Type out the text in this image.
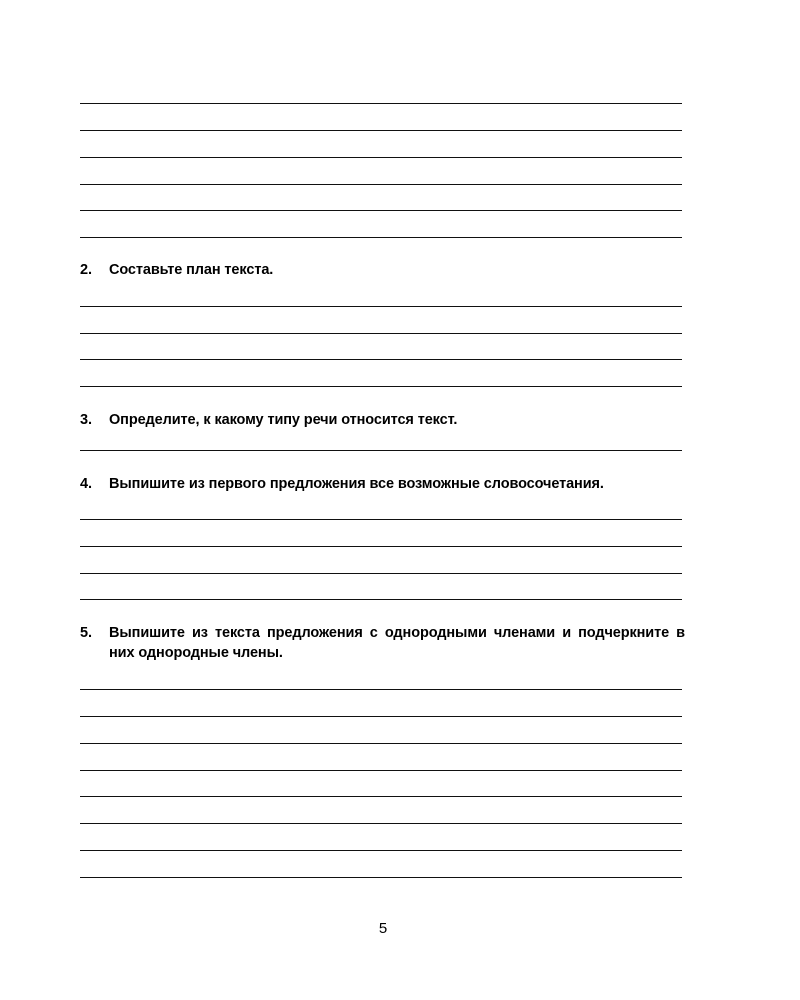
2. Составьте план текста.
3. Определите, к какому типу речи относится текст.
4. Выпишите из первого предложения все возможные словосочетания.
5. Выпишите из текста предложения с однородными членами и подчеркните в них однородные члены.
5
